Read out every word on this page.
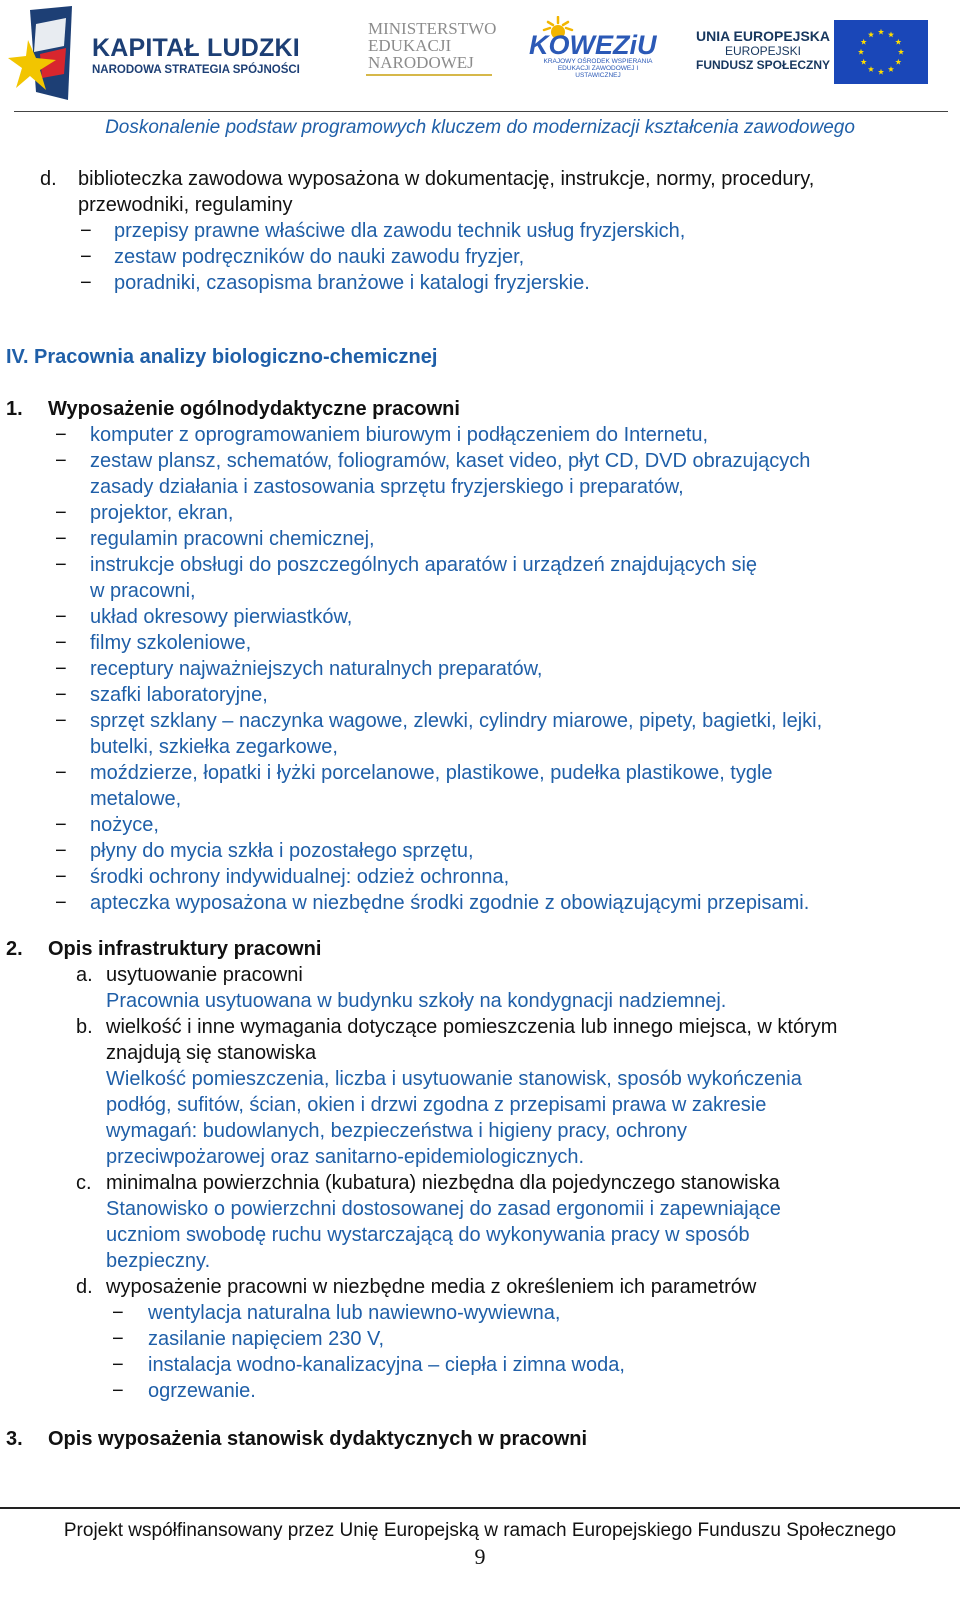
KAPITAŁ LUDZKI
NARODOWA STRATEGIA SPÓJNOŚCI
MINISTERSTWO
EDUKACJI
NARODOWEJ
KOWEZiU
KRAJOWY OŚRODEK WSPIERANIA EDUKACJI ZAWODOWEJ I USTAWICZNEJ
UNIA EUROPEJSKA
EUROPEJSKI
FUNDUSZ SPOŁECZNY
Doskonalenie podstaw programowych kluczem do modernizacji kształcenia zawodowego
d. biblioteczka zawodowa wyposażona w dokumentację, instrukcje, normy, procedury,
przewodniki, regulaminy
− przepisy prawne właściwe dla zawodu technik usług fryzjerskich,
− zestaw podręczników do nauki zawodu fryzjer,
− poradniki, czasopisma branżowe i katalogi fryzjerskie.
IV. Pracownia analizy biologiczno-chemicznej
1. Wyposażenie ogólnodydaktyczne pracowni
− komputer z oprogramowaniem biurowym i podłączeniem do Internetu,
− zestaw plansz, schematów, foliogramów, kaset video, płyt CD, DVD obrazujących
zasady działania i zastosowania sprzętu fryzjerskiego i preparatów,
− projektor, ekran,
− regulamin pracowni chemicznej,
− instrukcje obsługi do poszczególnych aparatów i urządzeń znajdujących się
w pracowni,
− układ okresowy pierwiastków,
− filmy szkoleniowe,
− receptury najważniejszych naturalnych preparatów,
− szafki laboratoryjne,
− sprzęt szklany – naczynka wagowe, zlewki, cylindry miarowe, pipety, bagietki, lejki,
butelki, szkiełka zegarkowe,
− moździerze, łopatki i łyżki porcelanowe, plastikowe, pudełka plastikowe, tygle
metalowe,
− nożyce,
− płyny do mycia szkła i pozostałego sprzętu,
− środki ochrony indywidualnej: odzież ochronna,
− apteczka wyposażona w niezbędne środki zgodnie z obowiązującymi przepisami.
2. Opis infrastruktury pracowni
a. usytuowanie pracowni
Pracownia usytuowana w budynku szkoły na kondygnacji nadziemnej.
b. wielkość i inne wymagania dotyczące pomieszczenia lub innego miejsca, w którym
znajdują się stanowiska
Wielkość pomieszczenia, liczba i usytuowanie stanowisk, sposób wykończenia
podłóg, sufitów, ścian, okien i drzwi zgodna z przepisami prawa w zakresie
wymagań: budowlanych, bezpieczeństwa i higieny pracy, ochrony
przeciwpożarowej oraz sanitarno-epidemiologicznych.
c. minimalna powierzchnia (kubatura) niezbędna dla pojedynczego stanowiska
Stanowisko o powierzchni dostosowanej do zasad ergonomii i zapewniające
uczniom swobodę ruchu wystarczającą do wykonywania pracy w sposób
bezpieczny.
d. wyposażenie pracowni w niezbędne media z określeniem ich parametrów
− wentylacja naturalna lub nawiewno-wywiewna,
− zasilanie napięciem 230 V,
− instalacja wodno-kanalizacyjna – ciepła i zimna woda,
− ogrzewanie.
3. Opis wyposażenia stanowisk dydaktycznych w pracowni
Projekt współfinansowany przez Unię Europejską w ramach Europejskiego Funduszu Społecznego
9
